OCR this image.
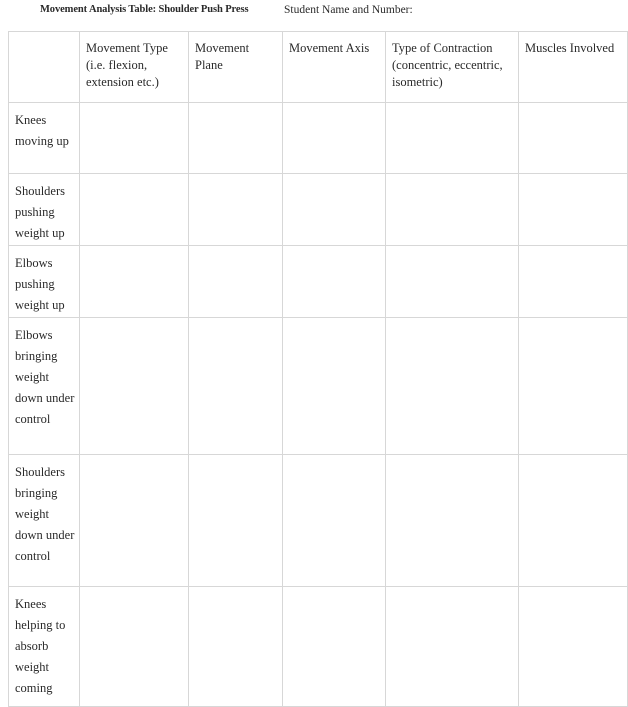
Movement Analysis Table: Shoulder Push Press	Student Name and Number:
	Movement Type (i.e. flexion, extension etc.)	Movement Plane	Movement Axis	Type of Contraction (concentric, eccentric, isometric)	Muscles Involved
Knees moving up					
Shoulders pushing weight up					
Elbows pushing weight up					
Elbows bringing weight down under control					
Shoulders bringing weight down under control					
Knees helping to absorb weight coming					
